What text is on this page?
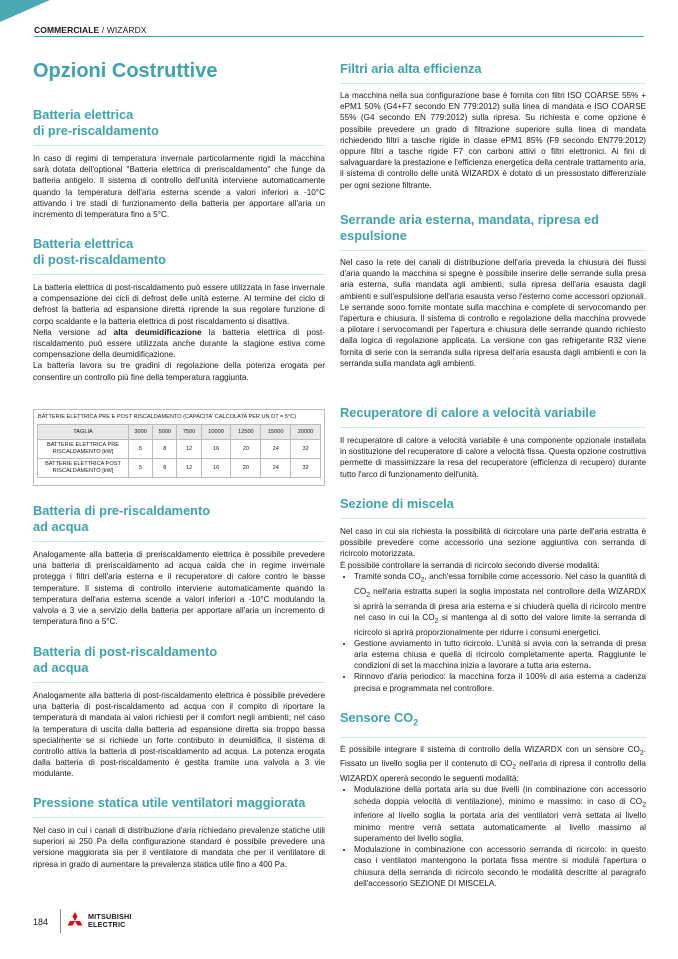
COMMERCIALE / WIZARDX
Opzioni Costruttive
Batteria elettrica
di pre-riscaldamento

In caso di regimi di temperatura invernale particolarmente rigidi la macchina sarà dotata dell'optional "Batteria elettrica di preriscaldamento" che funge da batteria antigelo. Il sistema di controllo dell'unità interviene automaticamente quando la temperatura dell'aria esterna scende a valori inferiori a -10°C attivando i tre stadi di funzionamento della batteria per apportare all'aria un incremento di temperatura fino a 5°C.

Batteria elettrica
di post-riscaldamento

La batteria elettrica di post-riscaldamento può essere utilizzata in fase invernale a compensazione dei cicli di defrost delle unità esterne. Al termine del ciclo di defrost la batteria ad espansione diretta riprende la sua regolare funzione di corpo scaldante e la batteria elettrica di post riscaldamento si disattiva.

Nella versione ad alta deumidificazione la batteria elettrica di post-riscaldamento può essere utilizzata anche durante la stagione estiva come compensazione della deumidificazione.

La batteria lavora su tre gradini di regolazione della potenza erogata per consentire un controllo più fine della temperatura raggiunta.

Batteria di pre-riscaldamento
ad acqua

Analogamente alla batteria di preriscaldamento elettrica è possibile prevedere una batteria di preriscaldamento ad acqua calda che in regime invernale protegga i filtri dell'aria esterna e il recuperatore di calore contro le basse temperature. Il sistema di controllo interviene automaticamente quando la temperatura dell'aria esterna scende a valori inferiori a -10°C modulando la valvola a 3 vie a servizio della batteria per apportare all'aria un incremento di temperatura fino a 5°C.

Batteria di post-riscaldamento
ad acqua

Analogamente alla batteria di post-riscaldamento elettrica è possibile prevedere una batteria di post-riscaldamento ad acqua con il compito di riportare la temperatura di mandata ai valori richiesti per il comfort negli ambienti; nel caso la temperatura di uscita dalla batteria ad espansione diretta sia troppo bassa specialmente se si richiede un forte contributo in deumidifica, il sistema di controllo attiva la batteria di post-riscaldamento ad acqua. La potenza erogata dalla batteria di post-riscaldamento è gestita tramite una valvola a 3 vie modulante.

Pressione statica utile ventilatori maggiorata

Nel caso in cui i canali di distribuzione d'aria richiedano prevalenze statiche utili superiori ai 250 Pa della configurazione standard è possibile prevedere una versione maggiorata sia per il ventilatore di mandata che per il ventilatore di ripresa in grado di aumentare la prevalenza statica utile fino a 400 Pa.

BATTERIE ELETTRICA PRE E POST RISCALDAMENTO (CAPACITA' CALCOLATA PER UN DT = 5°C)
TAGLIA	3000	5000	7500	10000	12500	15000	20000
BATTERIE ELETTRICA PRE RISCALDAMENTO [kW]	5	8	12	16	20	24	32
BATTERIE ELETTRICA POST RISCALDAMENTO [kW]	5	8	12	16	20	24	32
Filtri aria alta efficienza

La macchina nella sua configurazione base è fornita con filtri ISO COARSE 55% + ePM1 50% (G4+F7 secondo EN 779:2012) sulla linea di mandata e ISO COARSE 55% (G4 secondo EN 779:2012) sulla ripresa. Su richiesta e come opzione è possibile prevedere un grado di filtrazione superiore sulla linea di mandata richiedendo filtri a tasche rigide in classe ePM1 85% (F9 secondo EN779:2012) oppure filtri a tasche rigide F7 con carboni attivi o filtri elettronici. Ai fini di salvaguardare la prestazione e l'efficienza energetica della centrale trattamento aria, il sistema di controllo delle unità WIZARDX è dotato di un pressostato differenziale per ogni sezione filtrante.

Serrande aria esterna, mandata, ripresa ed
espulsione

Nel caso la rete dei canali di distribuzione dell'aria preveda la chiusura dei flussi d'aria quando la macchina si spegne è possibile inserire delle serrande sulla presa aria esterna, sulla mandata agli ambienti, sulla ripresa dell'aria esausta dagli ambienti e sull'espulsione dell'aria esausta verso l'esterno come accessori opzionali. Le serrande sono fornite montate sulla macchina e complete di servocomando per l'apertura e chiusura. Il sistema di controllo e regolazione della macchina provvede a pilotare i servocomandi per l'apertura e chiusura delle serrande quando richiesto dalla logica di regolazione applicata. La versione con gas refrigerante R32 viene fornita di serie con la serranda sulla ripresa dell'aria esausta dagli ambienti e con la serranda sulla mandata agli ambienti.

Recuperatore di calore a velocità variabile

Il recuperatore di calore a velocità variabile è una componente opzionale installata in sostituzione del recuperatore di calore a velocità fissa. Questa opzione costruttiva permette di massimizzare la resa del recuperatore (efficienza di recupero) durante tutto l'arco di funzionamento dell'unità.

Sezione di miscela

Nel caso in cui sia richiesta la possibilità di ricircolare una parte dell'aria estratta è possibile prevedere come accessorio una sezione aggiuntiva con serranda di ricircolo motorizzata.

È possibile controllare la serranda di ricircolo secondo diverse modalità:

• Tramite sonda $CO_2$, anch'essa fornibile come accessorio. Nel caso la quantità di $CO_2$ nell'aria estratta superi la soglia impostata nel controllore della WIZARDX si aprirà la serranda di presa aria esterna e si chiuderà quella di ricircolo mentre nel caso in cui la $CO_2$ si mantenga al di sotto del valore limite la serranda di ricircolo si aprirà proporzionalmente per ridurre i consumi energetici.
• Gestione avviamento in tutto ricircolo. L'unità si avvia con la serranda di presa aria esterna chiusa e quella di ricircolo completamente aperta. Raggiunte le condizioni di set la macchina inizia a lavorare a tutta aria esterna.
• Rinnovo d'aria periodico: la macchina forza il 100% di aria esterna a cadenza precisa e programmata nel controllore.
Sensore $CO_2$

È possibile integrare il sistema di controllo della WIZARDX con un sensore $CO_2$. Fissato un livello soglia per il contenuto di $CO_2$ nell'aria di ripresa il controllo della WIZARDX opererà secondo le seguenti modalità:

• Modulazione della portata aria su due livelli (in combinazione con accessorio scheda doppia velocità di ventilazione), minimo e massimo: in caso di $CO_2$ inferiore al livello soglia la portata aria dei ventilatori verrà settata al livello minimo mentre verrà settata automaticamente al livello massimo al superamento del livello soglia.
• Modulazione in combinazione con accessorio serranda di ricircolo: in questo caso i ventilatori mantengono la portata fissa mentre si modula l'apertura o chiusura della serranda di ricircolo secondo le modalità descritte al paragrafo dell'accessorio SEZIONE DI MISCELA.
184
MITSUBISHI
ELECTRIC
